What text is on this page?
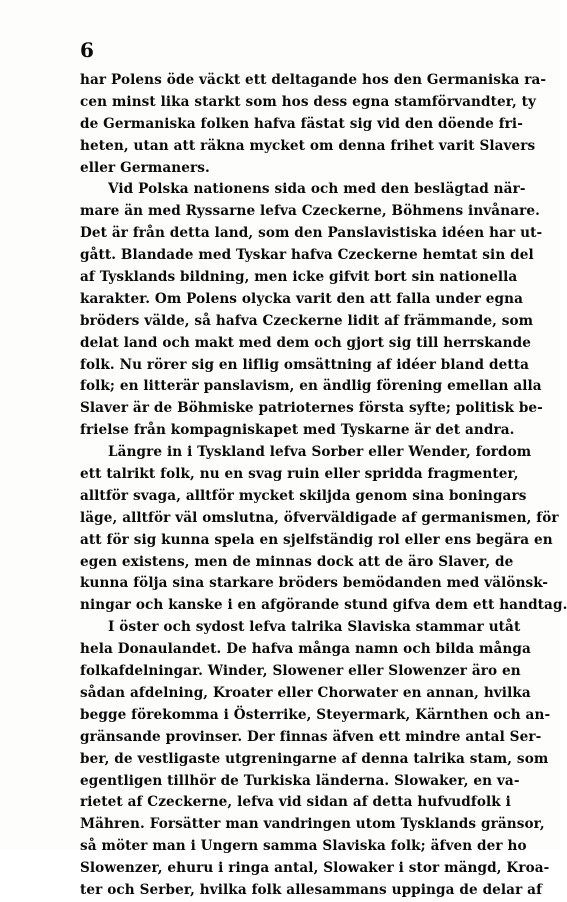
6
har Polens öde väckt ett deltagande hos den Germaniska ra-
cen minst lika starkt som hos dess egna stamförvandter, ty
de Germaniska folken hafva fästat sig vid den döende fri-
heten, utan att räkna mycket om denna frihet varit Slavers
eller Germaners.
Vid Polska nationens sida och med den beslägtad när-
mare än med Ryssarne lefva Czeckerne, Böhmens invånare.
Det är från detta land, som den Panslavistiska idéen har ut-
gått. Blandade med Tyskar hafva Czeckerne hemtat sin del
af Tysklands bildning, men icke gifvit bort sin nationella
karakter. Om Polens olycka varit den att falla under egna
bröders välde, så hafva Czeckerne lidit af främmande, som
delat land och makt med dem och gjort sig till herrskande
folk. Nu rörer sig en liflig omsättning af idéer bland detta
folk; en litterär panslavism, en ändlig förening emellan alla
Slaver är de Böhmiske patrioternes första syfte; politisk be-
frielse från kompagniskapet med Tyskarne är det andra.
Längre in i Tyskland lefva Sorber eller Wender, fordom
ett talrikt folk, nu en svag ruin eller spridda fragmenter,
alltför svaga, alltför mycket skiljda genom sina boningars
läge, alltför väl omslutna, öfverväldigade af germanismen, för
att för sig kunna spela en sjelfständig rol eller ens begära en
egen existens, men de minnas dock att de äro Slaver, de
kunna följa sina starkare bröders bemödanden med välönsk-
ningar och kanske i en afgörande stund gifva dem ett handtag.
I öster och sydost lefva talrika Slaviska stammar utåt
hela Donaulandet. De hafva många namn och bilda många
folkafdelningar. Winder, Slowener eller Slowenzer äro en
sådan afdelning, Kroater eller Chorwater en annan, hvilka
begge förekomma i Österrike, Steyermark, Kärnthen och an-
gränsande provinser. Der finnas äfven ett mindre antal Ser-
ber, de vestligaste utgreningarne af denna talrika stam, som
egentligen tillhör de Turkiska länderna. Slowaker, en va-
rietet af Czeckerne, lefva vid sidan af detta hufvudfolk i
Mähren. Forsätter man vandringen utom Tysklands gränsor,
så möter man i Ungern samma Slaviska folk; äfven der ho
Slowenzer, ehuru i ringa antal, Slowaker i stor mängd, Kroa-
ter och Serber, hvilka folk allesammans uppinga de delar af
